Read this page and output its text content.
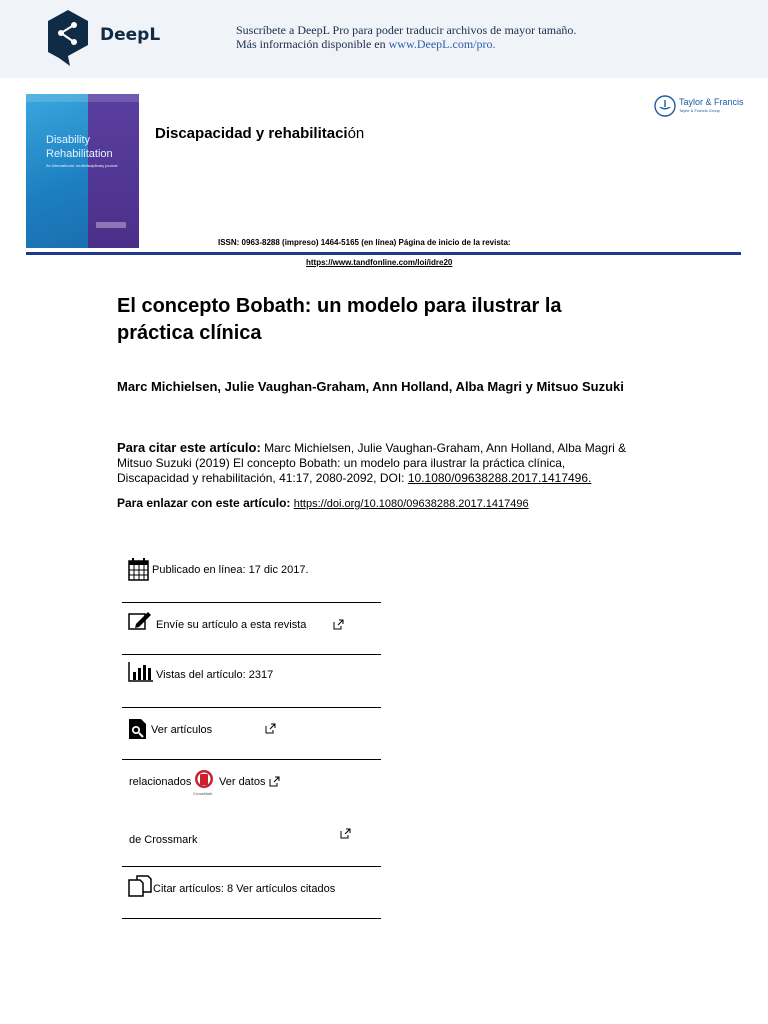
DeepL	Suscríbete a DeepL Pro para poder traducir archivos de mayor tamaño.
Más información disponible en www.DeepL.com/pro.
Disability
Rehabilitation
An international, multidisciplinary journal
Discapacidad y rehabilitación
Taylor & Francis
Taylor & Francis Group
ISSN: 0963-8288 (impreso) 1464-5165 (en línea) Página de inicio de la revista:
https://www.tandfonline.com/loi/idre20
El concepto Bobath: un modelo para ilustrar la práctica clínica
Marc Michielsen, Julie Vaughan-Graham, Ann Holland, Alba Magri y Mitsuo Suzuki
Para citar este artículo: Marc Michielsen, Julie Vaughan-Graham, Ann Holland, Alba Magri & Mitsuo Suzuki (2019) El concepto Bobath: un modelo para ilustrar la práctica clínica, Discapacidad y rehabilitación, 41:17, 2080-2092, DOI: 10.1080/09638288.2017.1417496.
Para enlazar con este artículo: https://doi.org/10.1080/09638288.2017.1417496
Publicado en línea: 17 dic 2017.
Envíe su artículo a esta revista
Vistas del artículo: 2317
Ver artículos
relacionados
CrossMark
Ver datos
de Crossmark
Citar artículos: 8 Ver artículos citados
